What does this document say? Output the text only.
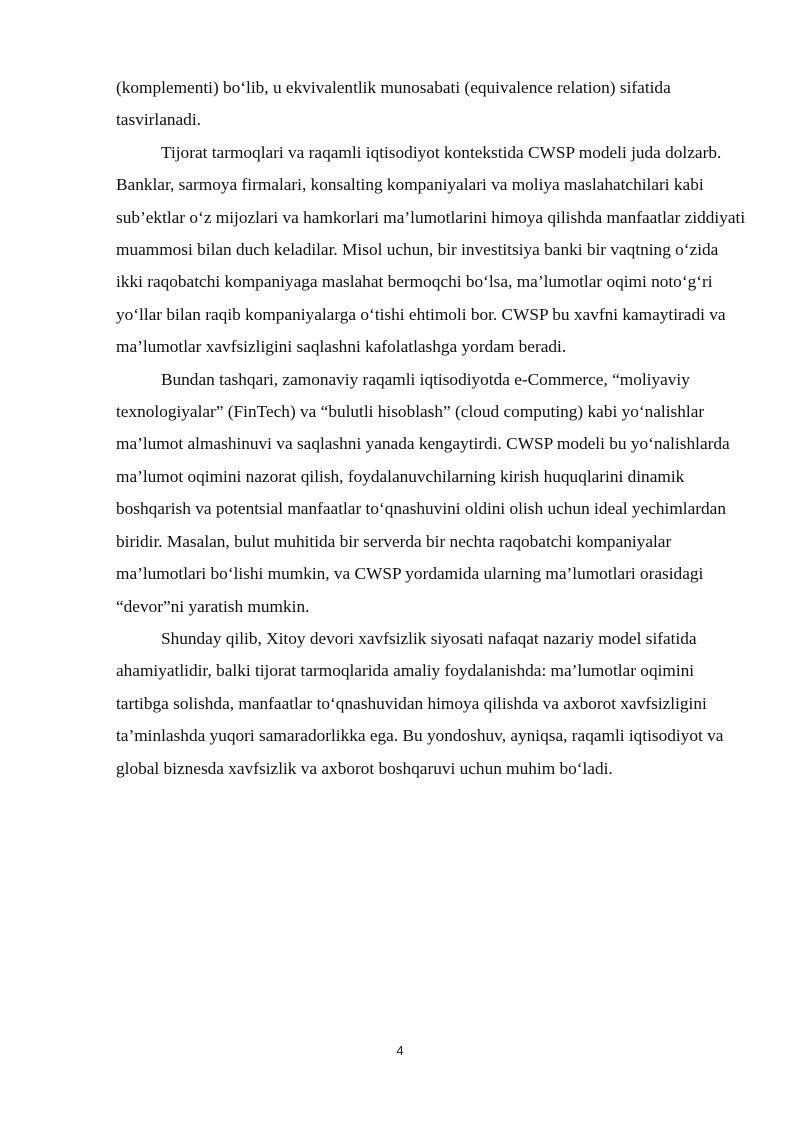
(komplementi) bo‘lib, u ekvivalentlik munosabati (equivalence relation) sifatida tasvirlanadi.

Tijorat tarmoqlari va raqamli iqtisodiyot kontekstida CWSP modeli juda dolzarb. Banklar, sarmoya firmalari, konsalting kompaniyalari va moliya maslahatchilari kabi sub’ektlar o‘z mijozlari va hamkorlari ma’lumotlarini himoya qilishda manfaatlar ziddiyati muammosi bilan duch keladilar. Misol uchun, bir investitsiya banki bir vaqtning o‘zida ikki raqobatchi kompaniyaga maslahat bermoqchi bo‘lsa, ma’lumotlar oqimi noto‘g‘ri yo‘llar bilan raqib kompaniyalarga o‘tishi ehtimoli bor. CWSP bu xavfni kamaytiradi va ma’lumotlar xavfsizligini saqlashni kafolatlashga yordam beradi.

Bundan tashqari, zamonaviy raqamli iqtisodiyotda e-Commerce, “moliyaviy texnologiyalar” (FinTech) va “bulutli hisoblash” (cloud computing) kabi yo‘nalishlar ma’lumot almashinuvi va saqlashni yanada kengaytirdi. CWSP modeli bu yo‘nalishlarda ma’lumot oqimini nazorat qilish, foydalanuvchilarning kirish huquqlarini dinamik boshqarish va potentsial manfaatlar to‘qnashuvini oldini olish uchun ideal yechimlardan biridir. Masalan, bulut muhitida bir serverda bir nechta raqobatchi kompaniyalar ma’lumotlari bo‘lishi mumkin, va CWSP yordamida ularning ma’lumotlari orasidagi “devor”ni yaratish mumkin.

Shunday qilib, Xitoy devori xavfsizlik siyosati nafaqat nazariy model sifatida ahamiyatlidir, balki tijorat tarmoqlarida amaliy foydalanishda: ma’lumotlar oqimini tartibga solishda, manfaatlar to‘qnashuvidan himoya qilishda va axborot xavfsizligini ta’minlashda yuqori samaradorlikka ega. Bu yondoshuv, ayniqsa, raqamli iqtisodiyot va global biznesda xavfsizlik va axborot boshqaruvi uchun muhim bo‘ladi.

4
